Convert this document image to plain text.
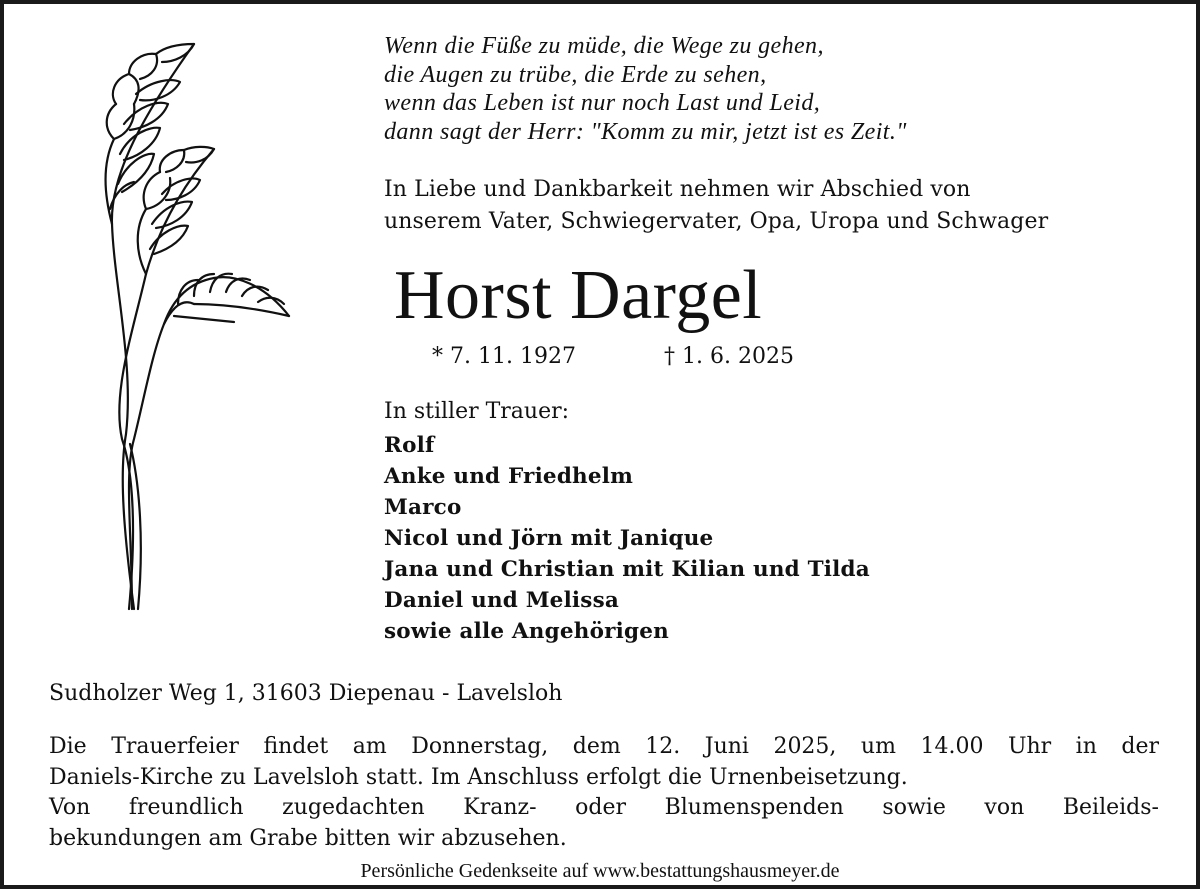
Wenn die Füße zu müde, die Wege zu gehen,
die Augen zu trübe, die Erde zu sehen,
wenn das Leben ist nur noch Last und Leid,
dann sagt der Herr: "Komm zu mir, jetzt ist es Zeit."
In Liebe und Dankbarkeit nehmen wir Abschied von
unserem Vater, Schwiegervater, Opa, Uropa und Schwager
Horst Dargel
* 7. 11. 1927	† 1. 6. 2025
In stiller Trauer:
Rolf
Anke und Friedhelm
Marco
Nicol und Jörn mit Janique
Jana und Christian mit Kilian und Tilda
Daniel und Melissa
sowie alle Angehörigen
Sudholzer Weg 1, 31603 Diepenau - Lavelsloh
Die Trauerfeier findet am Donnerstag, dem 12. Juni 2025, um 14.00 Uhr in der
Daniels-Kirche zu Lavelsloh statt. Im Anschluss erfolgt die Urnenbeisetzung.
Von freundlich zugedachten Kranz- oder Blumenspenden sowie von Beileids-
bekundungen am Grabe bitten wir abzusehen.
Persönliche Gedenkseite auf www.bestattungshausmeyer.de
